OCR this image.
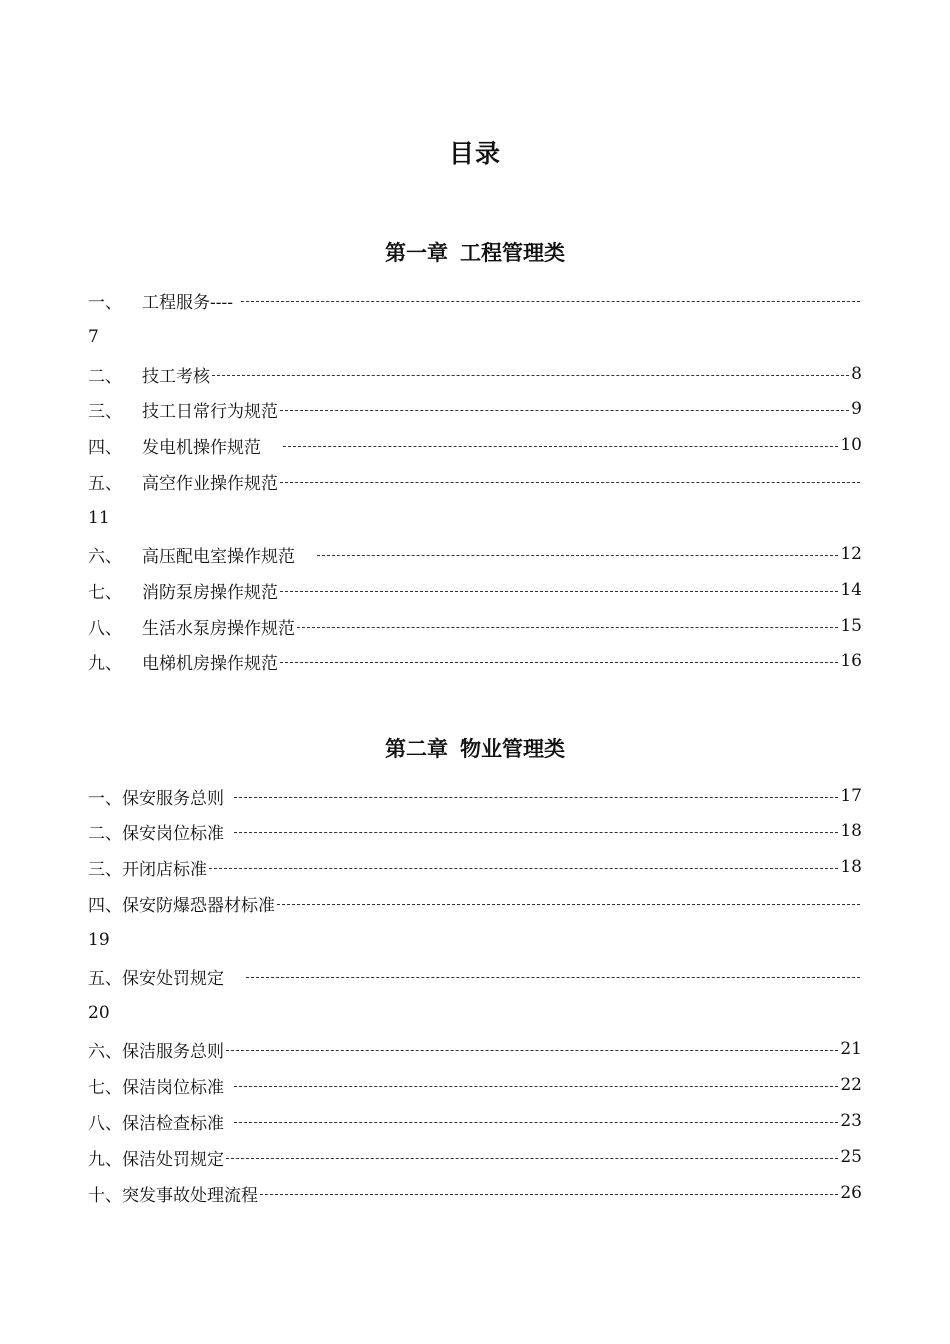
目录
第一章 工程管理类
一、 工程服务----
7
二、 技工考核	8
三、 技工日常行为规范	9
四、 发电机操作规范	10
五、 高空作业操作规范
11
六、 高压配电室操作规范	12
七、 消防泵房操作规范	14
八、 生活水泵房操作规范	15
九、 电梯机房操作规范	16
第二章 物业管理类
一、 保安服务总则	17
二、 保安岗位标准	18
三、 开闭店标准	18
四、 保安防爆恐器材标准
19
五、 保安处罚规定
20
六、 保洁服务总则	21
七、 保洁岗位标准	22
八、 保洁检查标准	23
九、 保洁处罚规定	25
十、 突发事故处理流程	26
